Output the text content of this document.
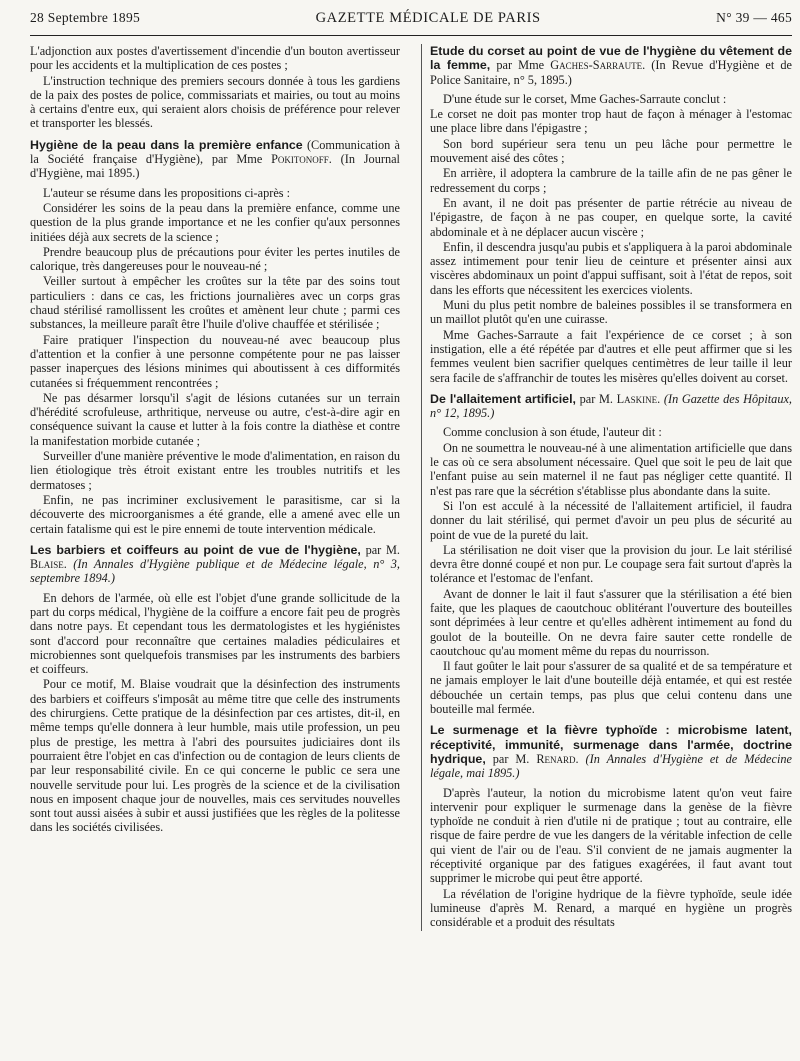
28 Septembre 1895	GAZETTE MÉDICALE DE PARIS	N° 39 — 465

L'adjonction aux postes d'avertissement d'incendie d'un bouton avertisseur pour les accidents et la multiplication de ces postes ;

L'instruction technique des premiers secours donnée à tous les gardiens de la paix des postes de police, commissariats et mairies, ou tout au moins à certains d'entre eux, qui seraient alors choisis de préférence pour relever et transporter les blessés.

Hygiène de la peau dans la première enfance (Communication à la Société française d'Hygiène), par Mme Pokitonoff. (In Journal d'Hygiène, mai 1895.)

L'auteur se résume dans les propositions ci-après :

Considérer les soins de la peau dans la première enfance, comme une question de la plus grande importance et ne les confier qu'aux personnes initiées déjà aux secrets de la science ;

Prendre beaucoup plus de précautions pour éviter les pertes inutiles de calorique, très dangereuses pour le nouveau-né ;

Veiller surtout à empêcher les croûtes sur la tête par des soins tout particuliers : dans ce cas, les frictions journalières avec un corps gras chaud stérilisé ramollissent les croûtes et amènent leur chute ; parmi ces substances, la meilleure paraît être l'huile d'olive chauffée et stérilisée ;

Faire pratiquer l'inspection du nouveau-né avec beaucoup plus d'attention et la confier à une personne compétente pour ne pas laisser passer inaperçues des lésions minimes qui aboutissent à ces difformités cutanées si fréquemment rencontrées ;

Ne pas désarmer lorsqu'il s'agit de lésions cutanées sur un terrain d'hérédité scrofuleuse, arthritique, nerveuse ou autre, c'est-à-dire agir en conséquence suivant la cause et lutter à la fois contre la diathèse et contre la manifestation morbide cutanée ;

Surveiller d'une manière préventive le mode d'alimentation, en raison du lien étiologique très étroit existant entre les troubles nutritifs et les dermatoses ;

Enfin, ne pas incriminer exclusivement le parasitisme, car si la découverte des microorganismes a été grande, elle a amené avec elle un certain fatalisme qui est le pire ennemi de toute intervention médicale.

Les barbiers et coiffeurs au point de vue de l'hygiène, par M. Blaise. (In Annales d'Hygiène publique et de Médecine légale, n° 3, septembre 1894.)

En dehors de l'armée, où elle est l'objet d'une grande sollicitude de la part du corps médical, l'hygiène de la coiffure a encore fait peu de progrès dans notre pays. Et cependant tous les dermatologistes et les hygiénistes sont d'accord pour reconnaître que certaines maladies pédiculaires et microbiennes sont quelquefois transmises par les instruments des barbiers et coiffeurs.

Pour ce motif, M. Blaise voudrait que la désinfection des instruments des barbiers et coiffeurs s'imposât au même titre que celle des instruments des chirurgiens. Cette pratique de la désinfection par ces artistes, dit-il, en même temps qu'elle donnera à leur humble, mais utile profession, un peu plus de prestige, les mettra à l'abri des poursuites judiciaires dont ils pourraient être l'objet en cas d'infection ou de contagion de leurs clients de par leur responsabilité civile. En ce qui concerne le public ce sera une nouvelle servitude pour lui. Les progrès de la science et de la civilisation nous en imposent chaque jour de nouvelles, mais ces servitudes nouvelles sont tout aussi aisées à subir et aussi justifiées que les règles de la politesse dans les sociétés civilisées.

Etude du corset au point de vue de l'hygiène du vêtement de la femme, par Mme Gaches-Sarraute. (In Revue d'Hygiène et de Police Sanitaire, n° 5, 1895.)

D'une étude sur le corset, Mme Gaches-Sarraute conclut :

Le corset ne doit pas monter trop haut de façon à ménager à l'estomac une place libre dans l'épigastre ;

Son bord supérieur sera tenu un peu lâche pour permettre le mouvement aisé des côtes ;

En arrière, il adoptera la cambrure de la taille afin de ne pas gêner le redressement du corps ;

En avant, il ne doit pas présenter de partie rétrécie au niveau de l'épigastre, de façon à ne pas couper, en quelque sorte, la cavité abdominale et à ne déplacer aucun viscère ;

Enfin, il descendra jusqu'au pubis et s'appliquera à la paroi abdominale assez intimement pour tenir lieu de ceinture et présenter ainsi aux viscères abdominaux un point d'appui suffisant, soit à l'état de repos, soit dans les efforts que nécessitent les exercices violents.

Muni du plus petit nombre de baleines possibles il se transformera en un maillot plutôt qu'en une cuirasse.

Mme Gaches-Sarraute a fait l'expérience de ce corset ; à son instigation, elle a été répétée par d'autres et elle peut affirmer que si les femmes veulent bien sacrifier quelques centimètres de leur taille il leur sera facile de s'affranchir de toutes les misères qu'elles doivent au corset.

De l'allaitement artificiel, par M. Laskine. (In Gazette des Hôpitaux, n° 12, 1895.)

Comme conclusion à son étude, l'auteur dit :

On ne soumettra le nouveau-né à une alimentation artificielle que dans le cas où ce sera absolument nécessaire. Quel que soit le peu de lait que l'enfant puise au sein maternel il ne faut pas négliger cette quantité. Il n'est pas rare que la sécrétion s'établisse plus abondante dans la suite.

Si l'on est acculé à la nécessité de l'allaitement artificiel, il faudra donner du lait stérilisé, qui permet d'avoir un peu plus de sécurité au point de vue de la pureté du lait.

La stérilisation ne doit viser que la provision du jour. Le lait stérilisé devra être donné coupé et non pur. Le coupage sera fait surtout d'après la tolérance et l'estomac de l'enfant.

Avant de donner le lait il faut s'assurer que la stérilisation a été bien faite, que les plaques de caoutchouc oblitérant l'ouverture des bouteilles sont déprimées à leur centre et qu'elles adhèrent intimement au fond du goulot de la bouteille. On ne devra faire sauter cette rondelle de caoutchouc qu'au moment même du repas du nourrisson.

Il faut goûter le lait pour s'assurer de sa qualité et de sa température et ne jamais employer le lait d'une bouteille déjà entamée, et qui est restée débouchée un certain temps, pas plus que celui contenu dans une bouteille mal fermée.

Le surmenage et la fièvre typhoïde : microbisme latent, réceptivité, immunité, surmenage dans l'armée, doctrine hydrique, par M. Renard. (In Annales d'Hygiène et de Médecine légale, mai 1895.)

D'après l'auteur, la notion du microbisme latent qu'on veut faire intervenir pour expliquer le surmenage dans la genèse de la fièvre typhoïde ne conduit à rien d'utile ni de pratique ; tout au contraire, elle risque de faire perdre de vue les dangers de la véritable infection de celle qui vient de l'air ou de l'eau. S'il convient de ne jamais augmenter la réceptivité organique par des fatigues exagérées, il faut avant tout supprimer le microbe qui peut être apporté.

La révélation de l'origine hydrique de la fièvre typhoïde, seule idée lumineuse d'après M. Renard, a marqué en hygiène un progrès considérable et a produit des résultats
